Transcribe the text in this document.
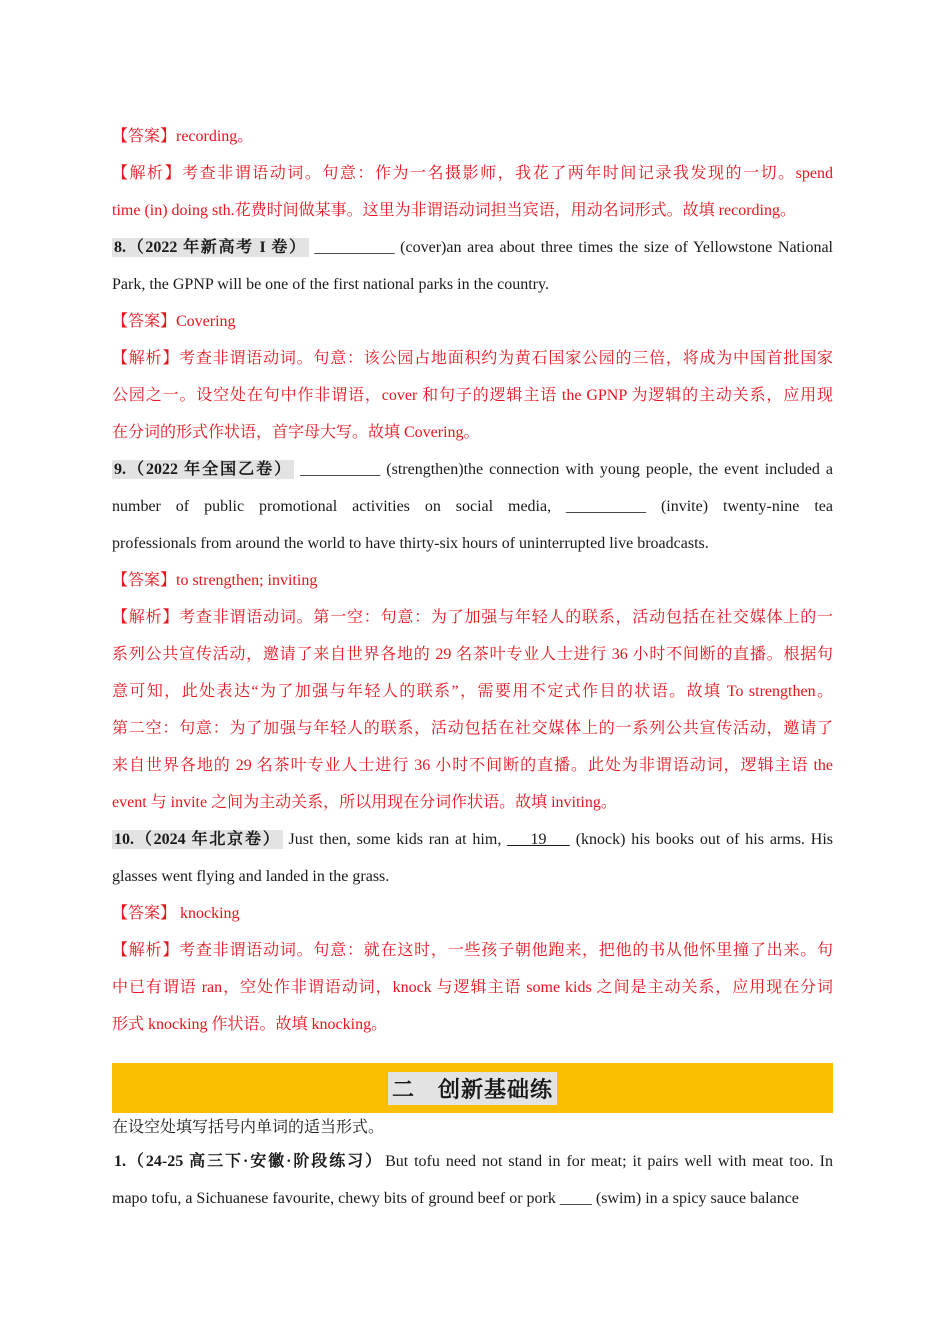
【答案】recording。
【解析】考查非谓语动词。句意：作为一名摄影师，我花了两年时间记录我发现的一切。spend
time (in) doing sth.花费时间做某事。这里为非谓语动词担当宾语，用动名词形式。故填 recording。
8.（2022 年新高考 I 卷） __________ (cover)an area about three times the size of Yellowstone National
Park, the GPNP will be one of the first national parks in the country.
【答案】Covering
【解析】考查非谓语动词。句意：该公园占地面积约为黄石国家公园的三倍，将成为中国首批国家
公园之一。设空处在句中作非谓语，cover 和句子的逻辑主语 the GPNP 为逻辑的主动关系，应用现
在分词的形式作状语，首字母大写。故填 Covering。
9.（2022 年全国乙卷） __________ (strengthen)the connection with young people, the event included a
number of public promotional activities on social media, __________ (invite) twenty-nine tea
professionals from around the world to have thirty-six hours of uninterrupted live broadcasts.
【答案】to strengthen; inviting
【解析】考查非谓语动词。第一空：句意：为了加强与年轻人的联系，活动包括在社交媒体上的一
系列公共宣传活动，邀请了来自世界各地的 29 名茶叶专业人士进行 36 小时不间断的直播。根据句
意可知，此处表达“为了加强与年轻人的联系”，需要用不定式作目的状语。故填 To strengthen。
第二空：句意：为了加强与年轻人的联系，活动包括在社交媒体上的一系列公共宣传活动，邀请了
来自世界各地的 29 名茶叶专业人士进行 36 小时不间断的直播。此处为非谓语动词，逻辑主语 the
event 与 invite 之间为主动关系，所以用现在分词作状语。故填 inviting。
10.（2024 年北京卷） Just then, some kids ran at him,     19     (knock) his books out of his arms. His
glasses went flying and landed in the grass.
【答案】 knocking
【解析】考查非谓语动词。句意：就在这时，一些孩子朝他跑来，把他的书从他怀里撞了出来。句
中已有谓语 ran，空处作非谓语动词，knock 与逻辑主语 some kids 之间是主动关系，应用现在分词
形式 knocking 作状语。故填 knocking。
二　创新基础练
在设空处填写括号内单词的适当形式。
1.（24-25 高三下·安徽·阶段练习） But tofu need not stand in for meat; it pairs well with meat too. In
mapo tofu, a Sichuanese favourite, chewy bits of ground beef or pork ____ (swim) in a spicy sauce balance
